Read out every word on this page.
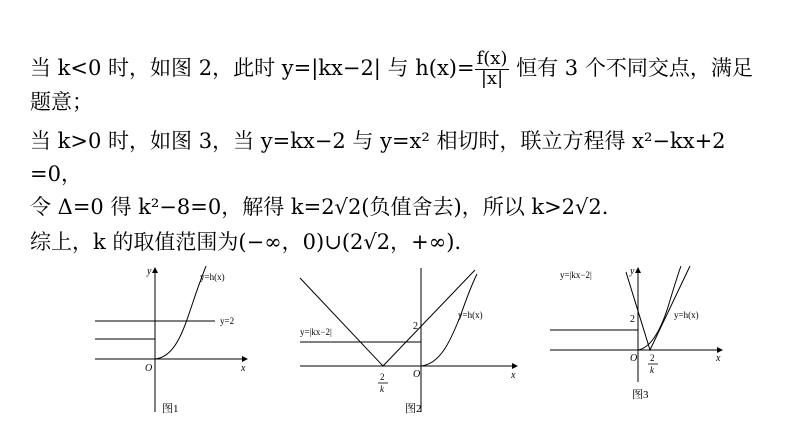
当 k<0 时，如图 2，此时 y=|kx−2| 与 $h(x)= \frac{f(x)}{|x|}$ 恒有 3 个不同交点，满足
题意；
当 k>0 时，如图 3，当 y=kx−2 与 y=x² 相切时，联立方程得 x²−kx+2
=0，
令 Δ=0 得 k²−8=0，解得 k=2√2(负值舍去)，所以 k>2√2.
综上，k 的取值范围为(−∞，0)∪(2√2，+∞).
y
x
O
y=h(x)
y=2
图1
2
2
k
O	x
y=|kx−2|
y=h(x)
图2
y
2
O 2
k
x
y=|kx−2|
y=h(x)
图3
